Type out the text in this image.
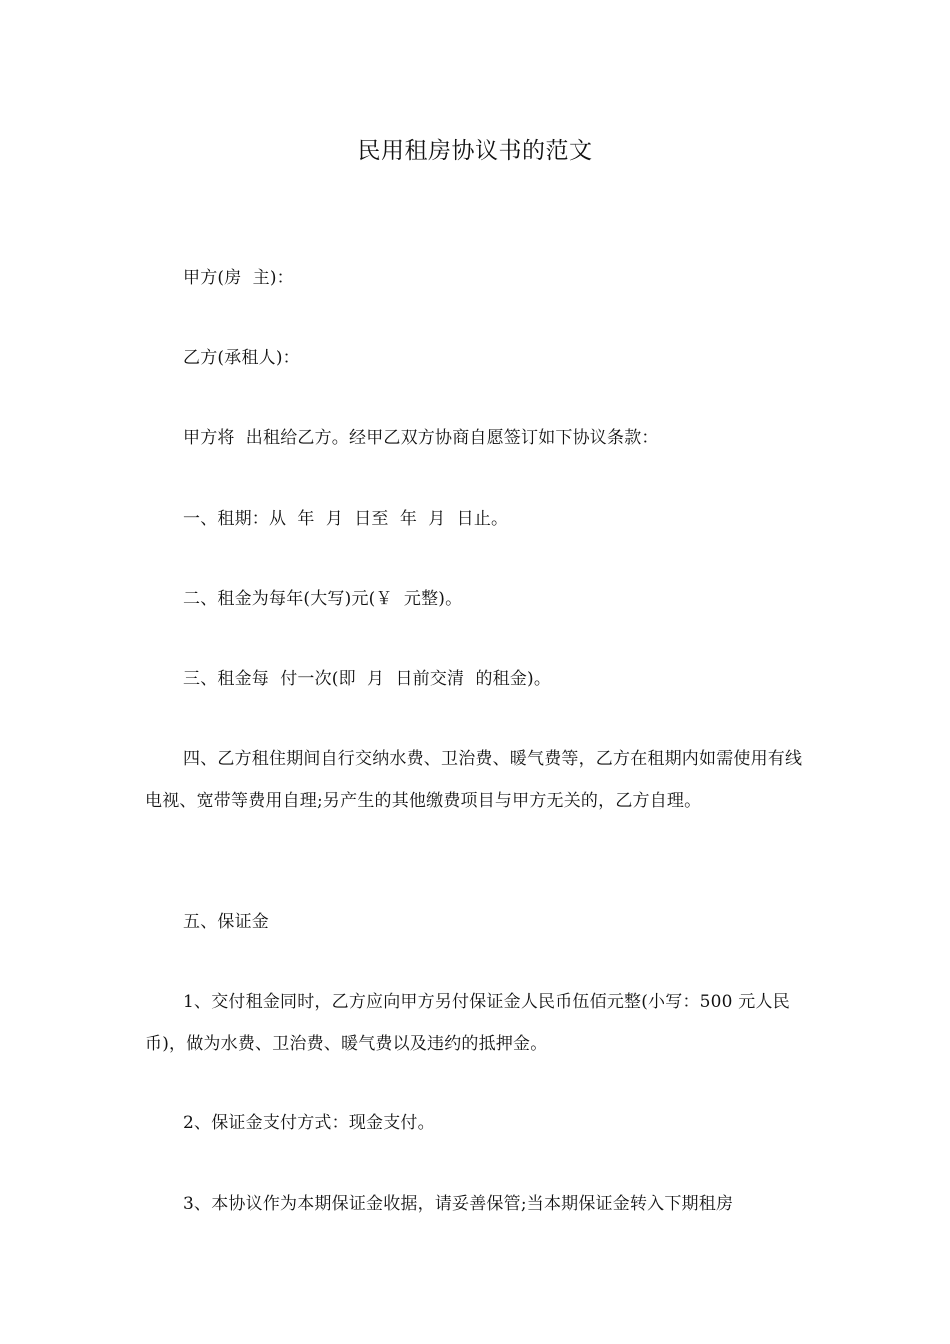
民用租房协议书的范文
甲方(房  主)：
乙方(承租人)：
甲方将  出租给乙方。经甲乙双方协商自愿签订如下协议条款：
一、租期：从  年  月  日至  年  月  日止。
二、租金为每年(大写)元(￥  元整)。
三、租金每  付一次(即  月  日前交清  的租金)。
四、乙方租住期间自行交纳水费、卫治费、暖气费等，乙方在租期内如需使用有线电视、宽带等费用自理;另产生的其他缴费项目与甲方无关的，乙方自理。
五、保证金
1、交付租金同时，乙方应向甲方另付保证金人民币伍佰元整(小写：500 元人民币)，做为水费、卫治费、暖气费以及违约的抵押金。
2、保证金支付方式：现金支付。
3、本协议作为本期保证金收据，请妥善保管;当本期保证金转入下期租房
